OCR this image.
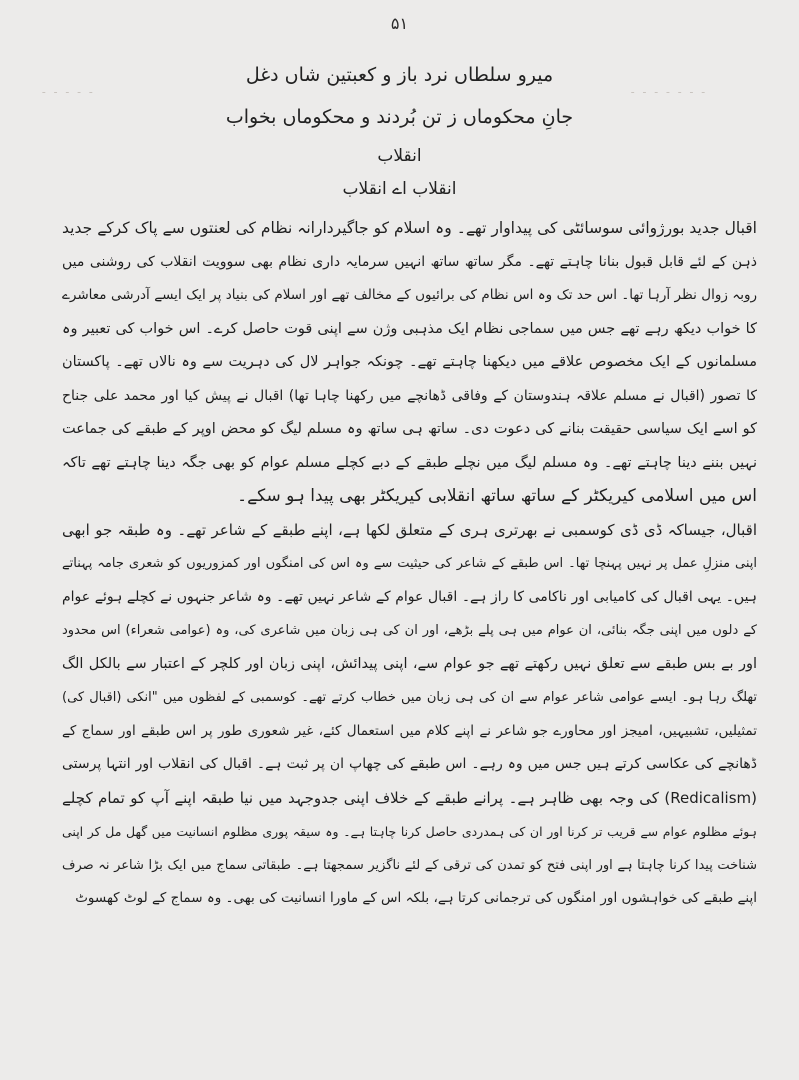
۵۱
۔ ۔ ۔ ۔ ۔ ۔ ۔
۔ ۔ ۔ ۔ ۔
میرو سلطاں نرد باز و کعبتین شاں دغل
جانِ محکوماں ز تن بُردند و محکوماں بخواب
انقلاب
انقلاب اے انقلاب
اقبال جدید بورژوائی سوسائٹی کی پیداوار تھے۔ وہ اسلام کو جاگیردارانہ نظام کی لعنتوں سے پاک کرکے جدید
ذہن کے لئے قابل قبول بنانا چاہتے تھے۔ مگر ساتھ ساتھ انہیں سرمایہ داری نظام بھی سوویت انقلاب کی روشنی میں
روبہ زوال نظر آرہا تھا۔ اس حد تک وہ اس نظام کی برائیوں کے مخالف تھے اور اسلام کی بنیاد پر ایک ایسے آدرشی معاشرے
کا خواب دیکھ رہے تھے جس میں سماجی نظام ایک مذہبی وژن سے اپنی قوت حاصل کرے۔ اس خواب کی تعبیر وہ
مسلمانوں کے ایک مخصوص علاقے میں دیکھنا چاہتے تھے۔ چونکہ جواہر لال کی دہریت سے وہ نالاں تھے۔ پاکستان
کا تصور (اقبال نے مسلم علاقہ ہندوستان کے وفاقی ڈھانچے میں رکھنا چاہا تھا) اقبال نے پیش کیا اور محمد علی جناح
کو اسے ایک سیاسی حقیقت بنانے کی دعوت دی۔ ساتھ ہی ساتھ وہ مسلم لیگ کو محض اوپر کے طبقے کی جماعت
نہیں بننے دینا چاہتے تھے۔ وہ مسلم لیگ میں نچلے طبقے کے دبے کچلے مسلم عوام کو بھی جگہ دینا چاہتے تھے تاکہ
اس میں اسلامی کیریکٹر کے ساتھ ساتھ انقلابی کیریکٹر بھی پیدا ہو سکے۔
اقبال، جیساکہ ڈی ڈی کوسمبی نے بھرتری ہری کے متعلق لکھا ہے، اپنے طبقے کے شاعر تھے۔ وہ طبقہ جو ابھی
اپنی منزلِ عمل پر نہیں پہنچا تھا۔ اس طبقے کے شاعر کی حیثیت سے وہ اس کی امنگوں اور کمزوریوں کو شعری جامہ پہناتے
ہیں۔ یہی اقبال کی کامیابی اور ناکامی کا راز ہے۔ اقبال عوام کے شاعر نہیں تھے۔ وہ شاعر جنہوں نے کچلے ہوئے عوام
کے دلوں میں اپنی جگہ بنائی، ان عوام میں ہی پلے بڑھے، اور ان کی ہی زبان میں شاعری کی، وہ (عوامی شعراء) اس محدود
اور بے بس طبقے سے تعلق نہیں رکھتے تھے جو عوام سے، اپنی پیدائش، اپنی زبان اور کلچر کے اعتبار سے بالکل الگ
تھلگ رہا ہو۔ ایسے عوامی شاعر عوام سے ان کی ہی زبان میں خطاب کرتے تھے۔ کوسمبی کے لفظوں میں "انکی (اقبال کی)
تمثیلیں، تشبیہیں، امیجز اور محاورے جو شاعر نے اپنے کلام میں استعمال کئے، غیر شعوری طور پر اس طبقے اور سماج کے
ڈھانچے کی عکاسی کرتے ہیں جس میں وہ رہے۔ اس طبقے کی چھاپ ان پر ثبت ہے۔ اقبال کی انقلاب اور انتہا پرستی
(Redicalism) کی وجہ بھی ظاہر ہے۔ پرانے طبقے کے خلاف اپنی جدوجہد میں نیا طبقہ اپنے آپ کو تمام کچلے
ہوئے مظلوم عوام سے قریب تر کرنا اور ان کی ہمدردی حاصل کرنا چاہتا ہے۔ وہ سیقہ پوری مظلوم انسانیت میں گھل مل کر اپنی
شناخت پیدا کرنا چاہتا ہے اور اپنی فتح کو تمدن کی ترقی کے لئے ناگزیر سمجھتا ہے۔ طبقاتی سماج میں ایک بڑا شاعر نہ صرف
اپنے طبقے کی خواہشوں اور امنگوں کی ترجمانی کرتا ہے، بلکہ اس کے ماورا انسانیت کی بھی۔ وہ سماج کے لوٹ کھسوٹ
